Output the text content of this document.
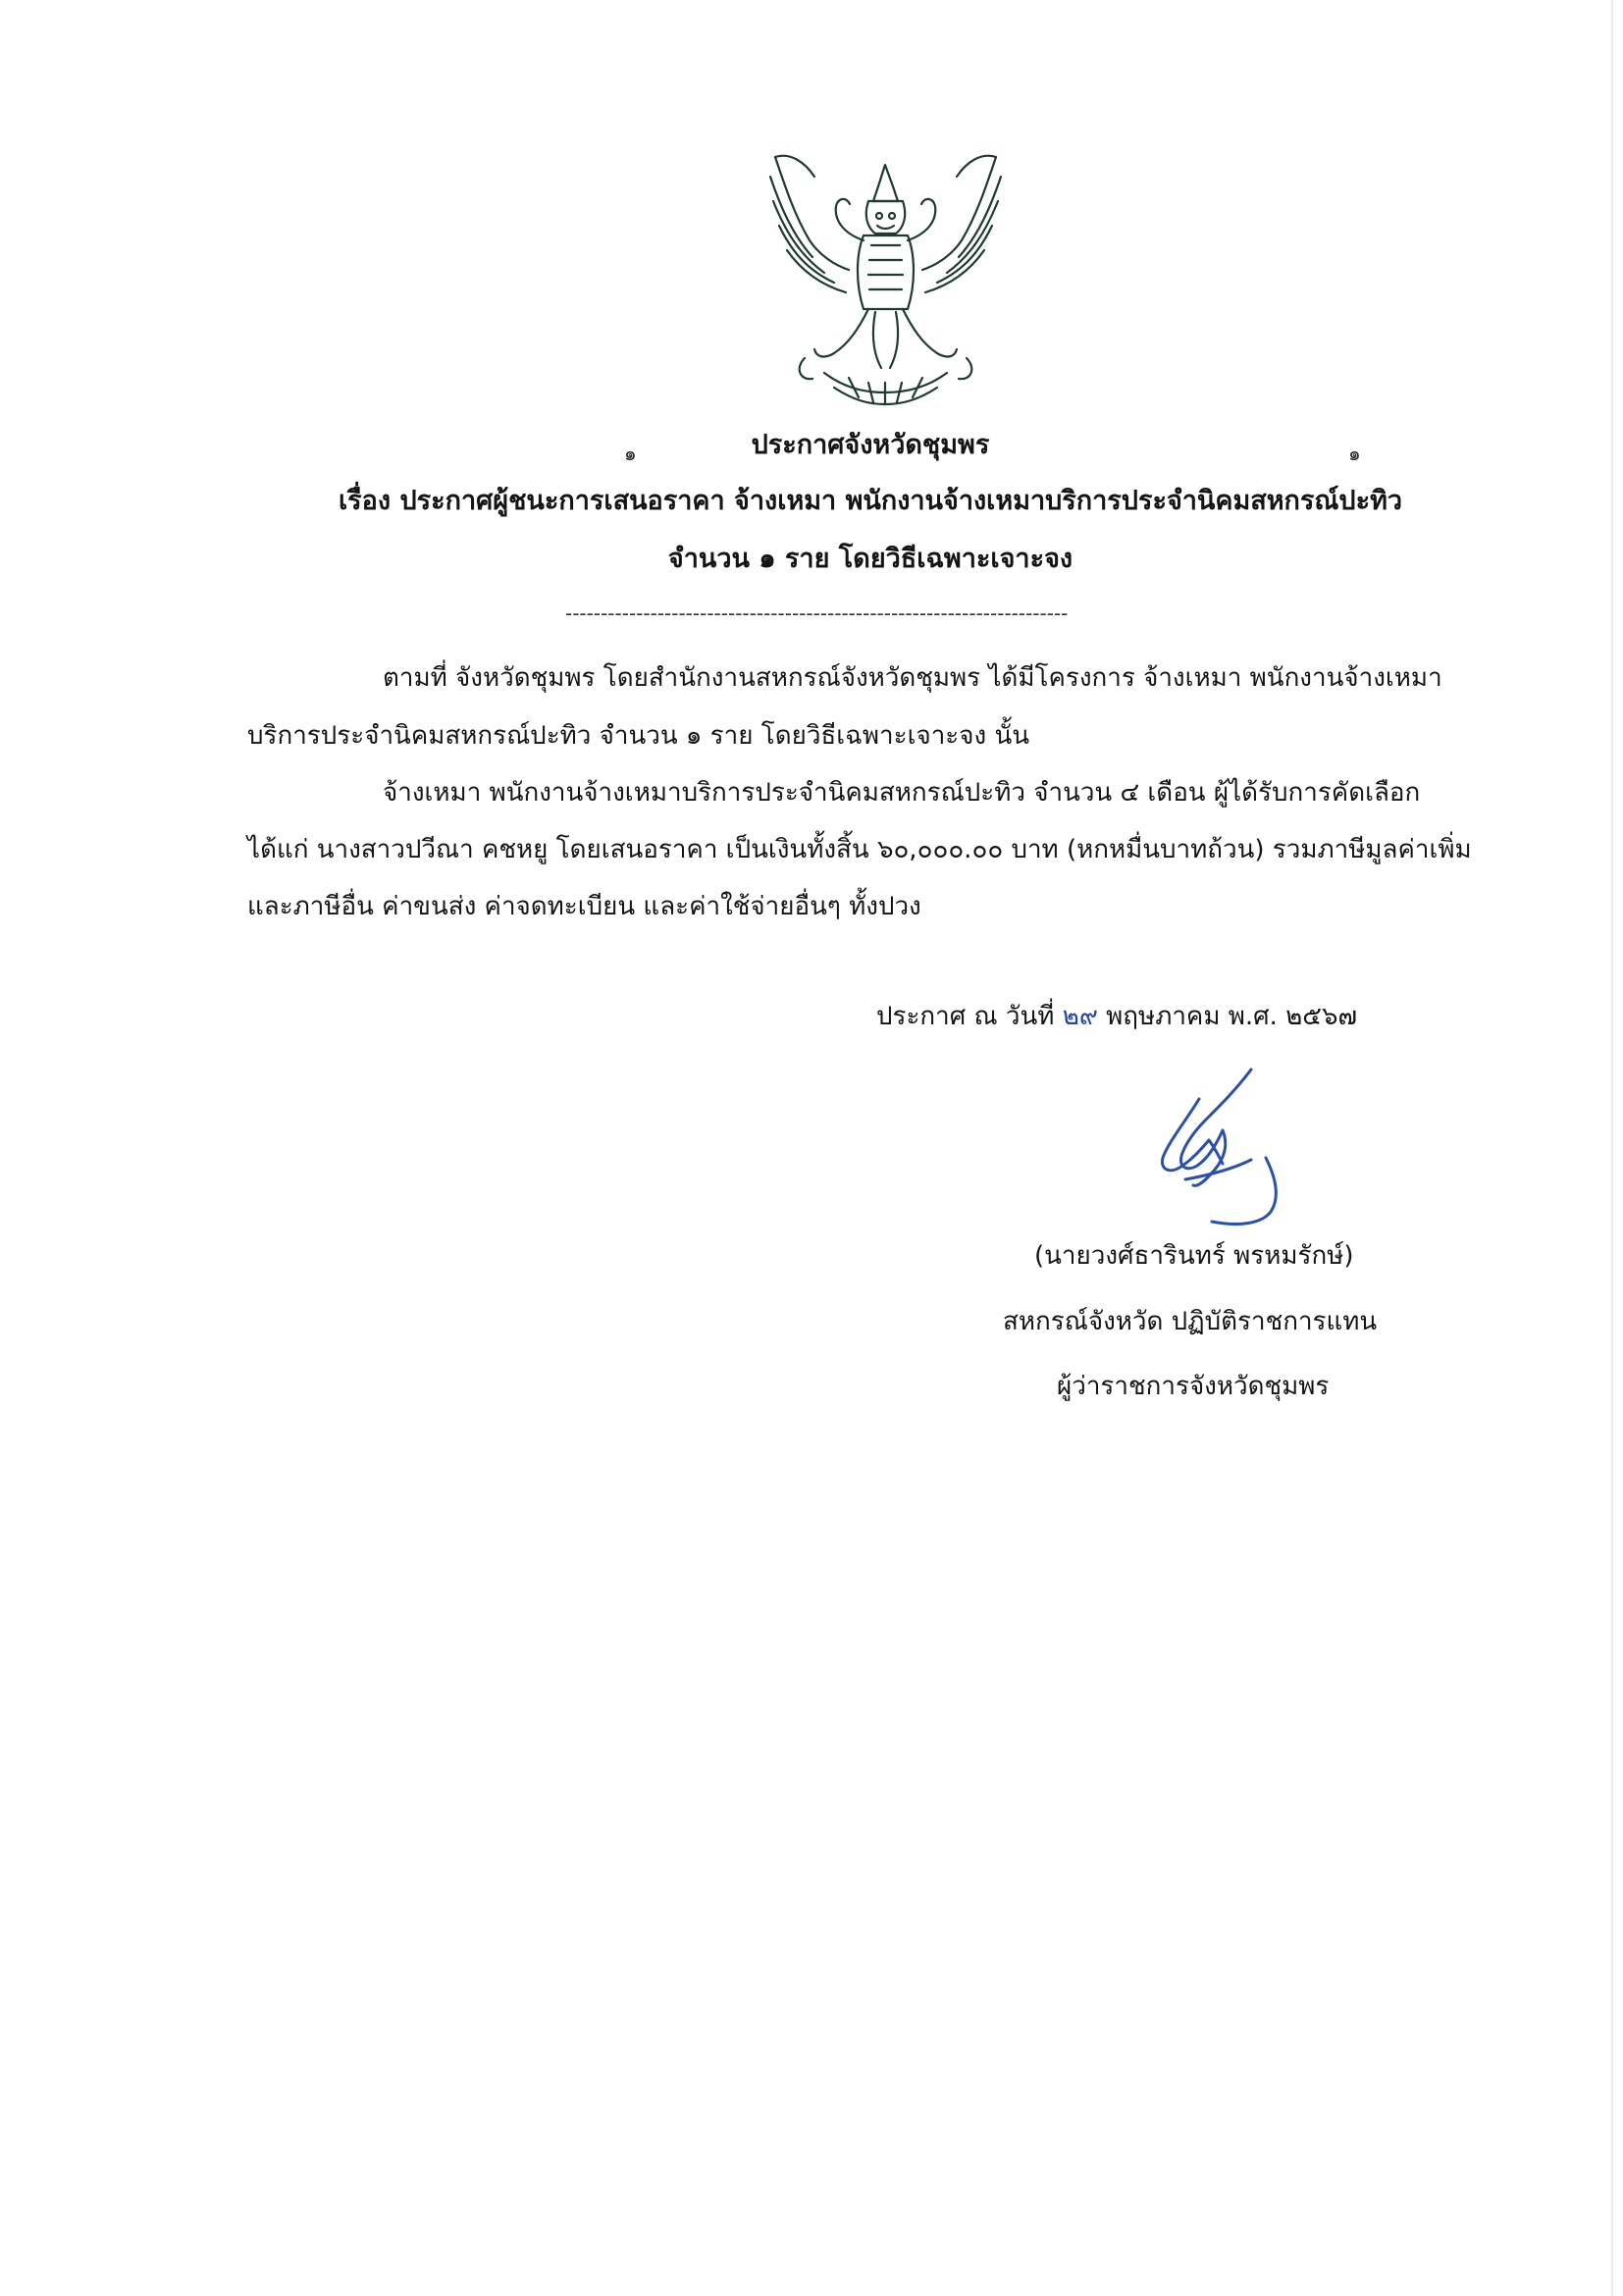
๑	๑
ประกาศจังหวัดชุมพร
เรื่อง ประกาศผู้ชนะการเสนอราคา จ้างเหมา พนักงานจ้างเหมาบริการประจำนิคมสหกรณ์ปะทิว
จำนวน ๑ ราย โดยวิธีเฉพาะเจาะจง
-----------------------------------------------------------------------
ตามที่ จังหวัดชุมพร โดยสำนักงานสหกรณ์จังหวัดชุมพร ได้มีโครงการ จ้างเหมา พนักงานจ้างเหมา
บริการประจำนิคมสหกรณ์ปะทิว จำนวน ๑ ราย โดยวิธีเฉพาะเจาะจง นั้น
จ้างเหมา พนักงานจ้างเหมาบริการประจำนิคมสหกรณ์ปะทิว จำนวน ๔ เดือน ผู้ได้รับการคัดเลือก
ได้แก่ นางสาวปวีณา คชหยู โดยเสนอราคา เป็นเงินทั้งสิ้น ๖๐,๐๐๐.๐๐ บาท (หกหมื่นบาทถ้วน) รวมภาษีมูลค่าเพิ่ม
และภาษีอื่น ค่าขนส่ง ค่าจดทะเบียน และค่าใช้จ่ายอื่นๆ ทั้งปวง
ประกาศ ณ วันที่ ๒๙ พฤษภาคม พ.ศ. ๒๕๖๗
(นายวงศ์ธารินทร์ พรหมรักษ์)
สหกรณ์จังหวัด ปฏิบัติราชการแทน
ผู้ว่าราชการจังหวัดชุมพร
